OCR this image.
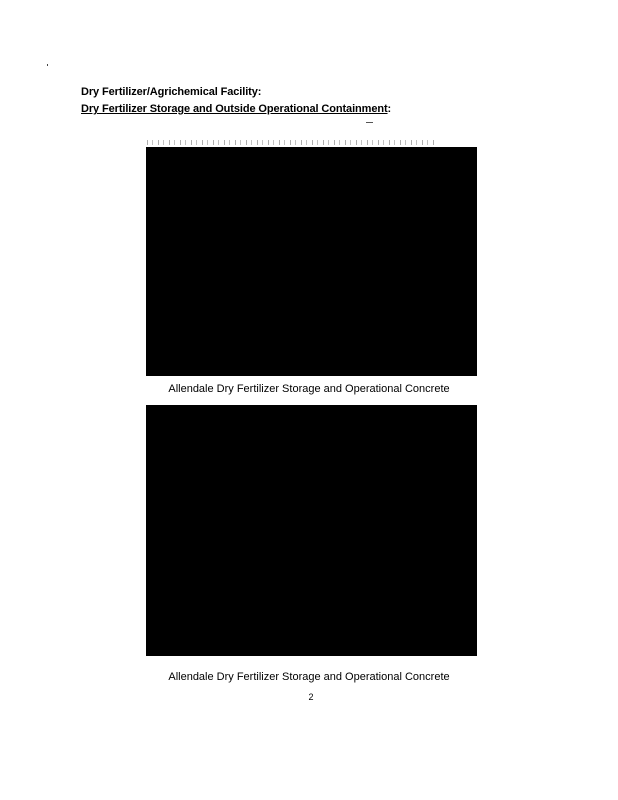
Dry Fertilizer/Agrichemical Facility:
Dry Fertilizer Storage and Outside Operational Containment:
Allendale Dry Fertilizer Storage and Operational Concrete
Allendale Dry Fertilizer Storage and Operational Concrete
2
